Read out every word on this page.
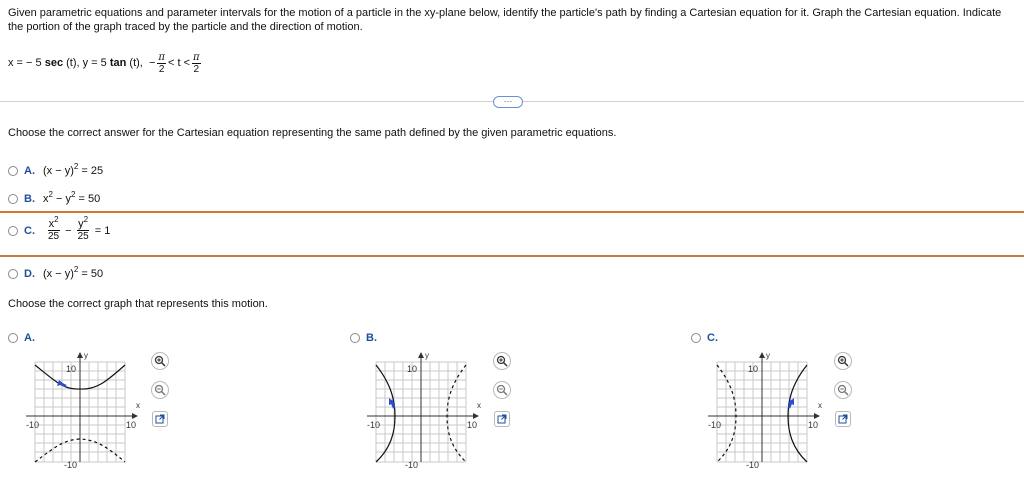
Given parametric equations and parameter intervals for the motion of a particle in the xy-plane below, identify the particle's path by finding a Cartesian equation for it. Graph the Cartesian equation. Indicate the portion of the graph traced by the particle and the direction of motion.
x = − 5
sec
(t), y = 5
tan
(t),
− $\frac{\pi}{2} < t < \frac{\pi}{2}$
···
Choose the correct answer for the Cartesian equation representing the same path defined by the given parametric equations.
A. (x − y) 2
= 25
B. x 2
− y 2
= 50
C. $\frac{x^2}{25} - \frac{y^2}{25}$
= 1
D. (x − y) 2
= 50
Choose the correct graph that represents this motion.
A.	B.	C.
10
-10	10
-10
x
y
10
-10	10
-10
x
y
10
-10	10
-10
x
y
